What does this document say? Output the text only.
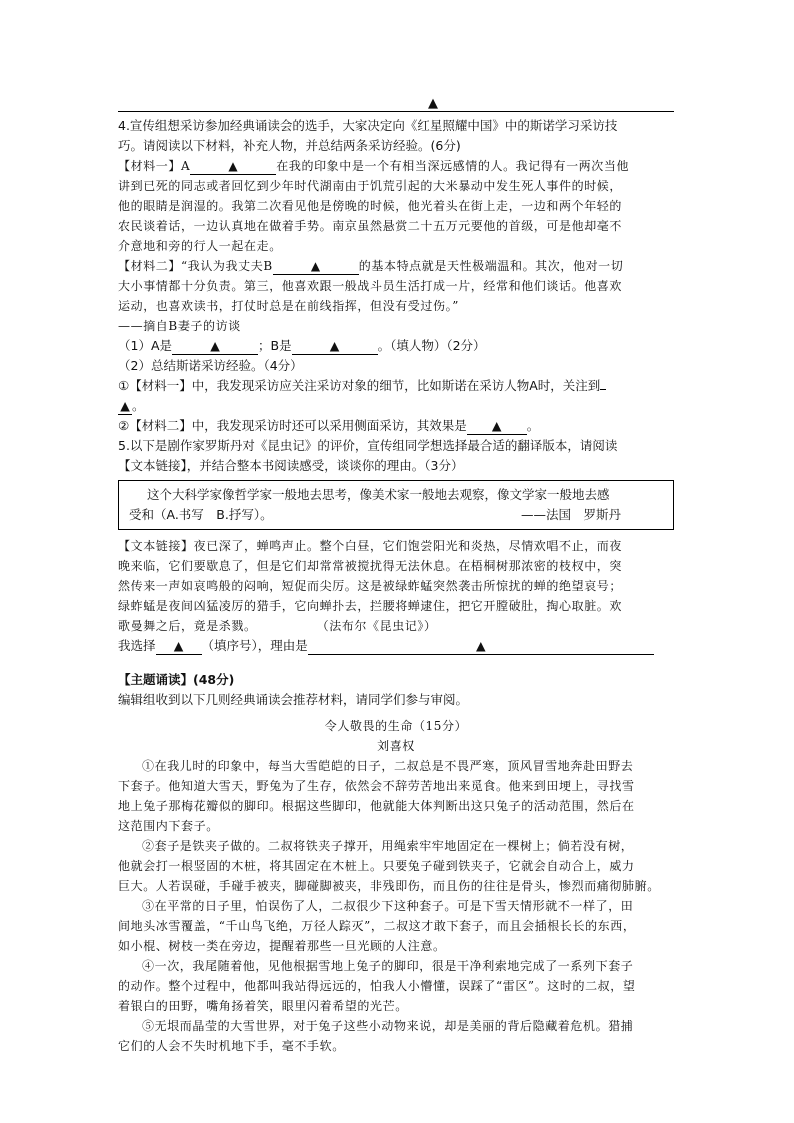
▲
4.宣传组想采访参加经典诵读会的选手，大家决定向《红星照耀中国》中的斯诺学习采访技
巧。请阅读以下材料，补充人物，并总结两条采访经验。(6分)
【材料一】A	▲	在我的印象中是一个有相当深远感情的人。我记得有一两次当他
讲到已死的同志或者回忆到少年时代湖南由于饥荒引起的大米暴动中发生死人事件的时候，
他的眼睛是润湿的。我第二次看见他是傍晚的时候，他光着头在街上走，一边和两个年轻的
农民谈着话，一边认真地在做着手势。南京虽然悬赏二十五万元要他的首级，可是他却毫不
介意地和旁的行人一起在走。
【材料二】“我认为我丈夫B	▲	的基本特点就是天性极端温和。其次，他对一切
大小事情都十分负责。第三，他喜欢跟一般战斗员生活打成一片，经常和他们谈话。他喜欢
运动，也喜欢读书，打仗时总是在前线指挥，但没有受过伤。”
——摘自B妻子的访谈
（1）A是	▲	；B是	▲	。（填人物）（2分）
（2）总结斯诺采访经验。（4分）
①【材料一】中，我发现采访应关注采访对象的细节，比如斯诺在采访人物A时，关注到
▲ 。
②【材料二】中，我发现采访时还可以采用侧面采访，其效果是 ▲ 。
5.以下是剧作家罗斯丹对《昆虫记》的评价，宣传组同学想选择最合适的翻译版本，请阅读
【文本链接】，并结合整本书阅读感受，谈谈你的理由。（3分）
这个大科学家像哲学家一般地去思考，像美术家一般地去观察，像文学家一般地去感
受和（A.书写　B.抒写）。	——法国　罗斯丹
【文本链接】夜已深了，蝉鸣声止。整个白昼，它们饱尝阳光和炎热，尽情欢唱不止，而夜
晚来临，它们要歇息了，但是它们却常常被搅扰得无法休息。在梧桐树那浓密的枝杈中，突
然传来一声如哀鸣般的闷响，短促而尖厉。这是被绿蚱蜢突然袭击所惊扰的蝉的绝望哀号；
绿蚱蜢是夜间凶猛凌厉的猎手，它向蝉扑去，拦腰将蝉逮住，把它开膛破肚，掏心取脏。欢
歌曼舞之后，竟是杀戮。	（法布尔《昆虫记》）
我选择 ▲ （填序号），理由是	▲
【主题诵读】(48分)
编辑组收到以下几则经典诵读会推荐材料，请同学们参与审阅。
令人敬畏的生命（15分）
刘喜权
①在我儿时的印象中，每当大雪皑皑的日子，二叔总是不畏严寒，顶风冒雪地奔赴田野去
下套子。他知道大雪天，野兔为了生存，依然会不辞劳苦地出来觅食。他来到田埂上，寻找雪
地上兔子那梅花瓣似的脚印。根据这些脚印，他就能大体判断出这只兔子的活动范围，然后在
这范围内下套子。
②套子是铁夹子做的。二叔将铁夹子撑开，用绳索牢牢地固定在一棵树上；倘若没有树，
他就会打一根竖固的木桩，将其固定在木桩上。只要兔子碰到铁夹子，它就会自动合上，威力
巨大。人若误碰，手碰手被夹，脚碰脚被夹，非残即伤，而且伤的往往是骨头，惨烈而痛彻肺腑。
③在平常的日子里，怕误伤了人，二叔很少下这种套子。可是下雪天情形就不一样了，田
间地头冰雪覆盖，“千山鸟飞绝，万径人踪灭”，二叔这才敢下套子，而且会插根长长的东西，
如小棍、树枝一类在旁边，提醒着那些一旦光顾的人注意。
④一次，我尾随着他，见他根据雪地上兔子的脚印，很是干净利索地完成了一系列下套子
的动作。整个过程中，他都叫我站得远远的，怕我人小懵懂，误踩了“雷区”。这时的二叔，望
着银白的田野，嘴角扬着笑，眼里闪着希望的光芒。
⑤无垠而晶莹的大雪世界，对于兔子这些小动物来说，却是美丽的背后隐藏着危机。猎捕
它们的人会不失时机地下手，毫不手软。
